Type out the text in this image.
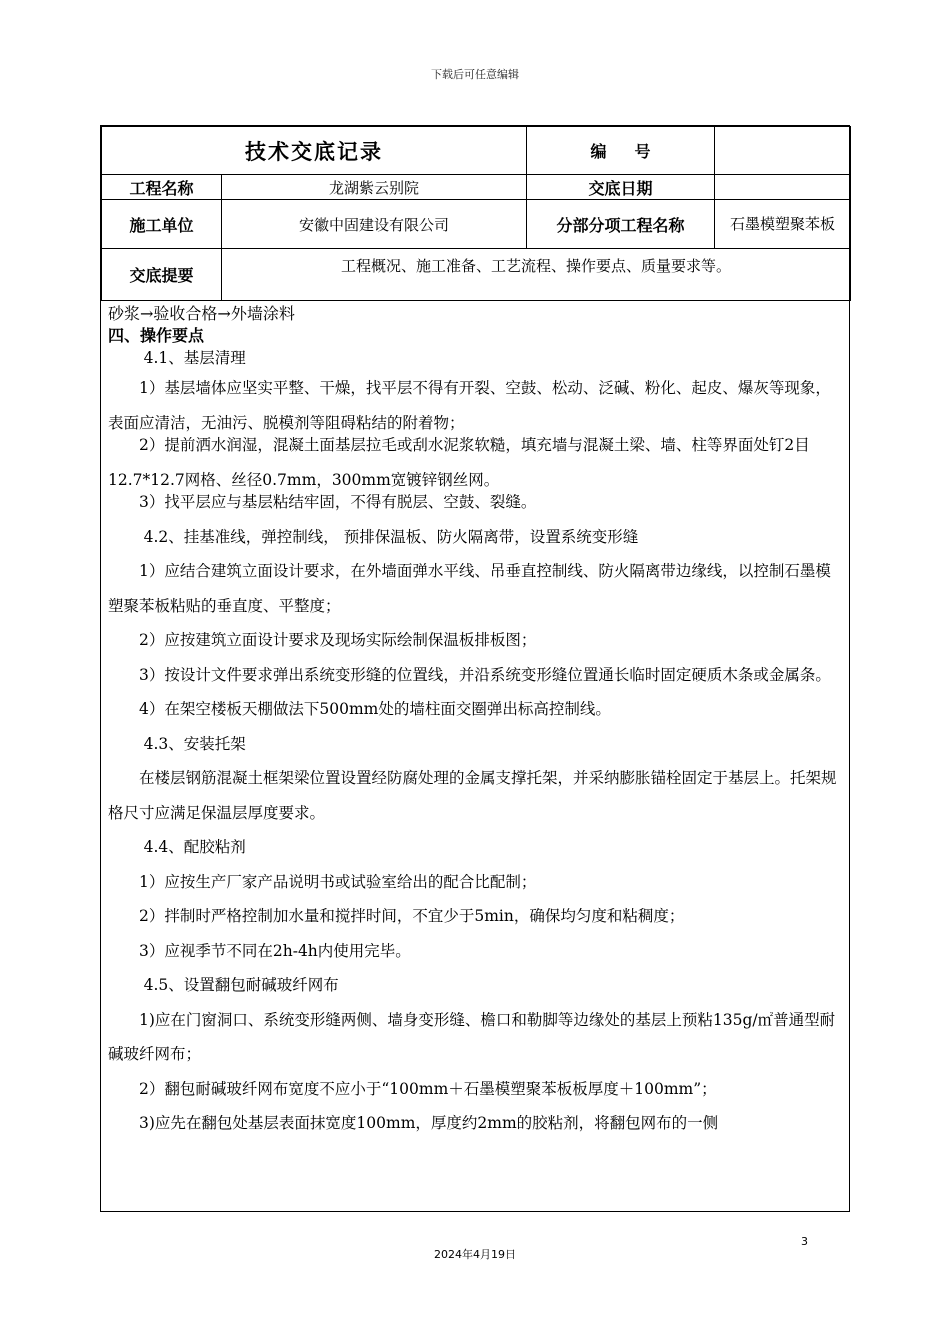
下载后可任意编辑
技术交底记录		编号	
工程名称	龙湖紫云别院	交底日期	
施工单位	安徽中固建设有限公司	分部分项工程名称	石墨模塑聚苯板
交底提要	工程概况、施工准备、工艺流程、操作要点、质量要求等。		

砂浆→验收合格→外墙涂料

四、操作要点

4.1、基层清理

1）基层墙体应坚实平整、干燥，找平层不得有开裂、空鼓、松动、泛碱、粉化、起皮、爆灰等现象，表面应清洁，无油污、脱模剂等阻碍粘结的附着物；

2）提前洒水润湿，混凝土面基层拉毛或刮水泥浆软糙，填充墙与混凝土梁、墙、柱等界面处钉2目12.7*12.7网格、丝径0.7mm，300mm宽镀锌钢丝网。

3）找平层应与基层粘结牢固，不得有脱层、空鼓、裂缝。

4.2、挂基准线，弹控制线， 预排保温板、防火隔离带，设置系统变形缝

1）应结合建筑立面设计要求，在外墙面弹水平线、吊垂直控制线、防火隔离带边缘线，以控制石墨模塑聚苯板粘贴的垂直度、平整度；

2）应按建筑立面设计要求及现场实际绘制保温板排板图；

3）按设计文件要求弹出系统变形缝的位置线，并沿系统变形缝位置通长临时固定硬质木条或金属条。

4）在架空楼板天棚做法下500mm处的墙柱面交圈弹出标高控制线。

4.3、安装托架

在楼层钢筋混凝土框架梁位置设置经防腐处理的金属支撑托架，并采纳膨胀锚栓固定于基层上。托架规格尺寸应满足保温层厚度要求。

4.4、配胶粘剂

1）应按生产厂家产品说明书或试验室给出的配合比配制；

2）拌制时严格控制加水量和搅拌时间，不宜少于5min，确保均匀度和粘稠度；

3）应视季节不同在2h-4h内使用完毕。

4.5、设置翻包耐碱玻纤网布

1)应在门窗洞口、系统变形缝两侧、墙身变形缝、檐口和勒脚等边缘处的基层上预粘135g/㎡普通型耐碱玻纤网布；

2）翻包耐碱玻纤网布宽度不应小于“100mm＋石墨模塑聚苯板板厚度＋100mm”；

3)应先在翻包处基层表面抹宽度100mm，厚度约2mm的胶粘剂，将翻包网布的一侧

3
2024年4月19日
